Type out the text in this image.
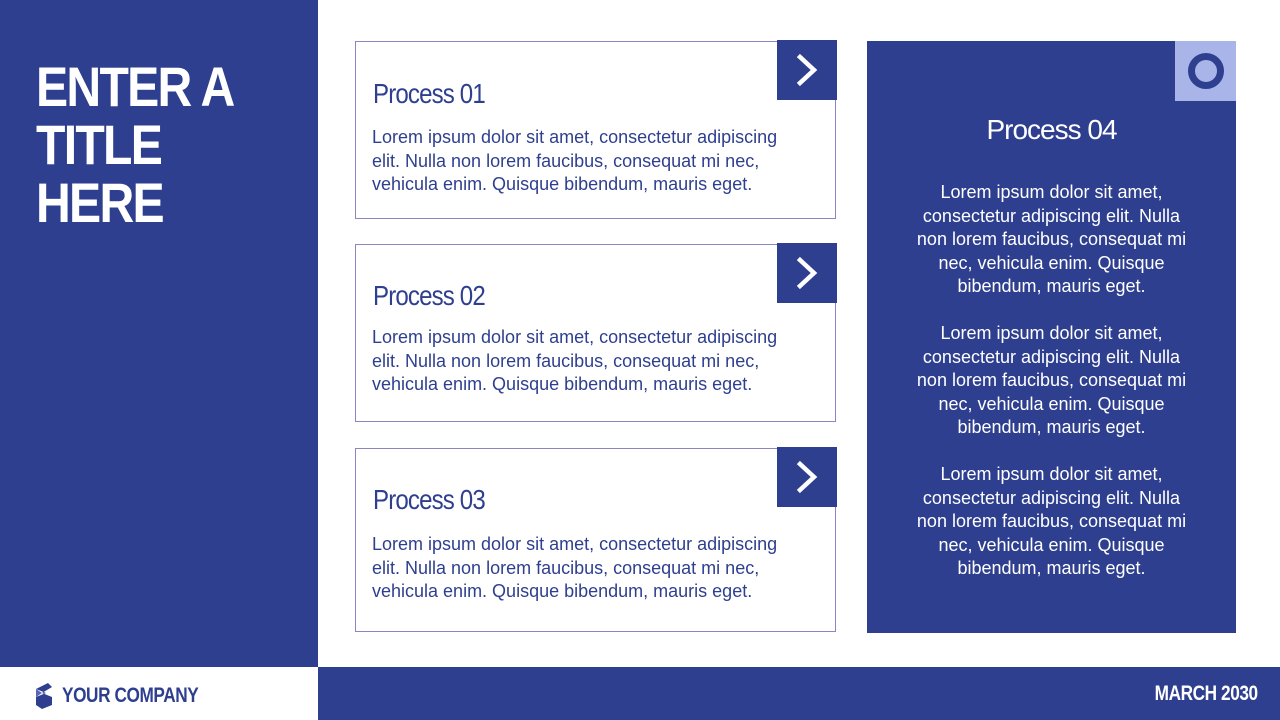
ENTER A
TITLE HERE
Process 01

Lorem ipsum dolor sit amet, consectetur adipiscing elit. Nulla non lorem faucibus, consequat mi nec, vehicula enim. Quisque bibendum, mauris eget.

Process 02

Lorem ipsum dolor sit amet, consectetur adipiscing elit. Nulla non lorem faucibus, consequat mi nec, vehicula enim. Quisque bibendum, mauris eget.

Process 03

Lorem ipsum dolor sit amet, consectetur adipiscing elit. Nulla non lorem faucibus, consequat mi nec, vehicula enim. Quisque bibendum, mauris eget.

Process 04

Lorem ipsum dolor sit amet, consectetur adipiscing elit. Nulla non lorem faucibus, consequat mi nec, vehicula enim. Quisque bibendum, mauris eget.

Lorem ipsum dolor sit amet, consectetur adipiscing elit. Nulla non lorem faucibus, consequat mi nec, vehicula enim. Quisque bibendum, mauris eget.

Lorem ipsum dolor sit amet, consectetur adipiscing elit. Nulla non lorem faucibus, consequat mi nec, vehicula enim. Quisque bibendum, mauris eget.

YOUR COMPANY	MARCH 2030
